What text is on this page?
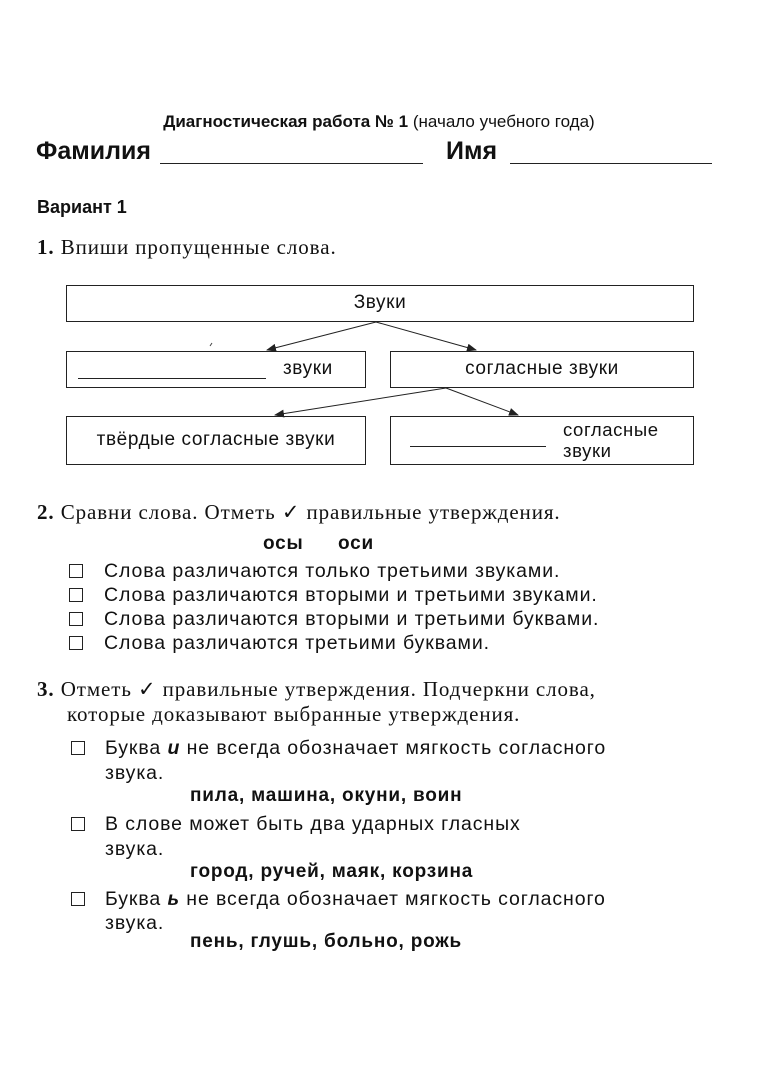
Диагностическая работа № 1 (начало учебного года)
Фамилия	Имя
Вариант 1
1. Впиши пропущенные слова.
Звуки
звуки	согласные звуки
твёрдые согласные звуки	согласные
звуки
2. Сравни слова. Отметь ✓ правильные утверждения.
осы оси
Слова различаются только третьими звуками.
Слова различаются вторыми и третьими звуками.
Слова различаются вторыми и третьими буквами.
Слова различаются третьими буквами.
3. Отметь ✓ правильные утверждения. Подчеркни слова,
которые доказывают выбранные утверждения.
Буква и не всегда обозначает мягкость согласного
звука.
пила, машина, окуни, воин
В слове может быть два ударных гласных
звука.
город, ручей, маяк, корзина
Буква ь не всегда обозначает мягкость согласного
звука.
пень, глушь, больно, рожь
